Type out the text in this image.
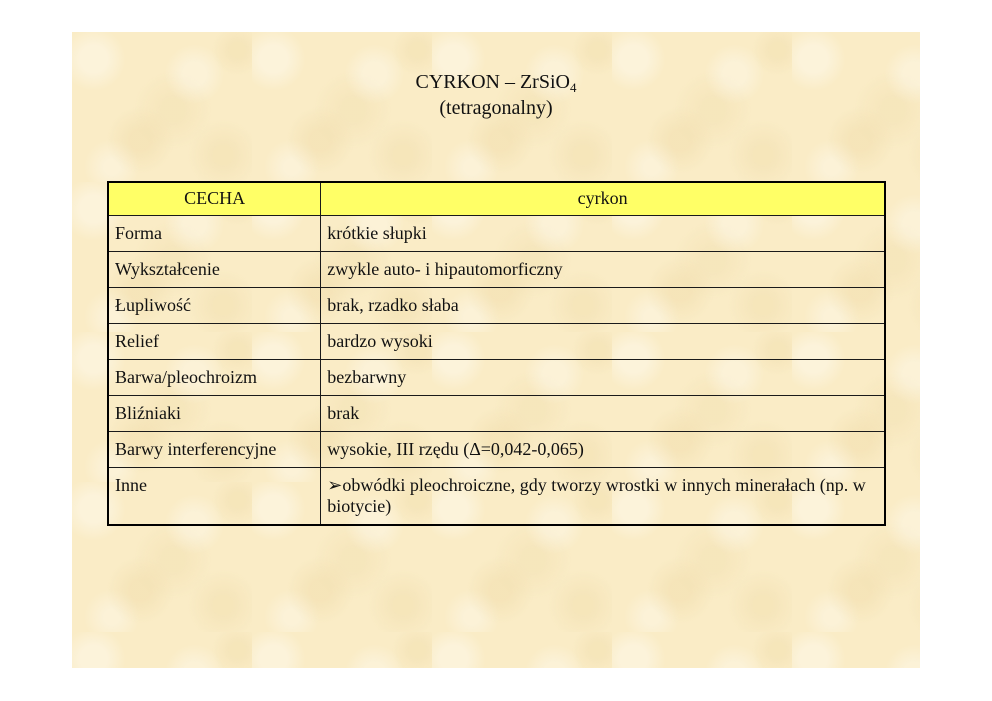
CYRKON – ZrSiO$_4$
(tetragonalny)
CECHA	cyrkon
Forma	krótkie słupki
Wykształcenie	zwykle auto- i hipautomorficzny
Łupliwość	brak, rzadko słaba
Relief	bardzo wysoki
Barwa/pleochroizm	bezbarwny
Bliźniaki	brak
Barwy interferencyjne	wysokie, III rzędu (Δ=0,042-0,065)
Inne	➢obwódki pleochroiczne, gdy tworzy wrostki w innych minerałach (np. w biotycie)
